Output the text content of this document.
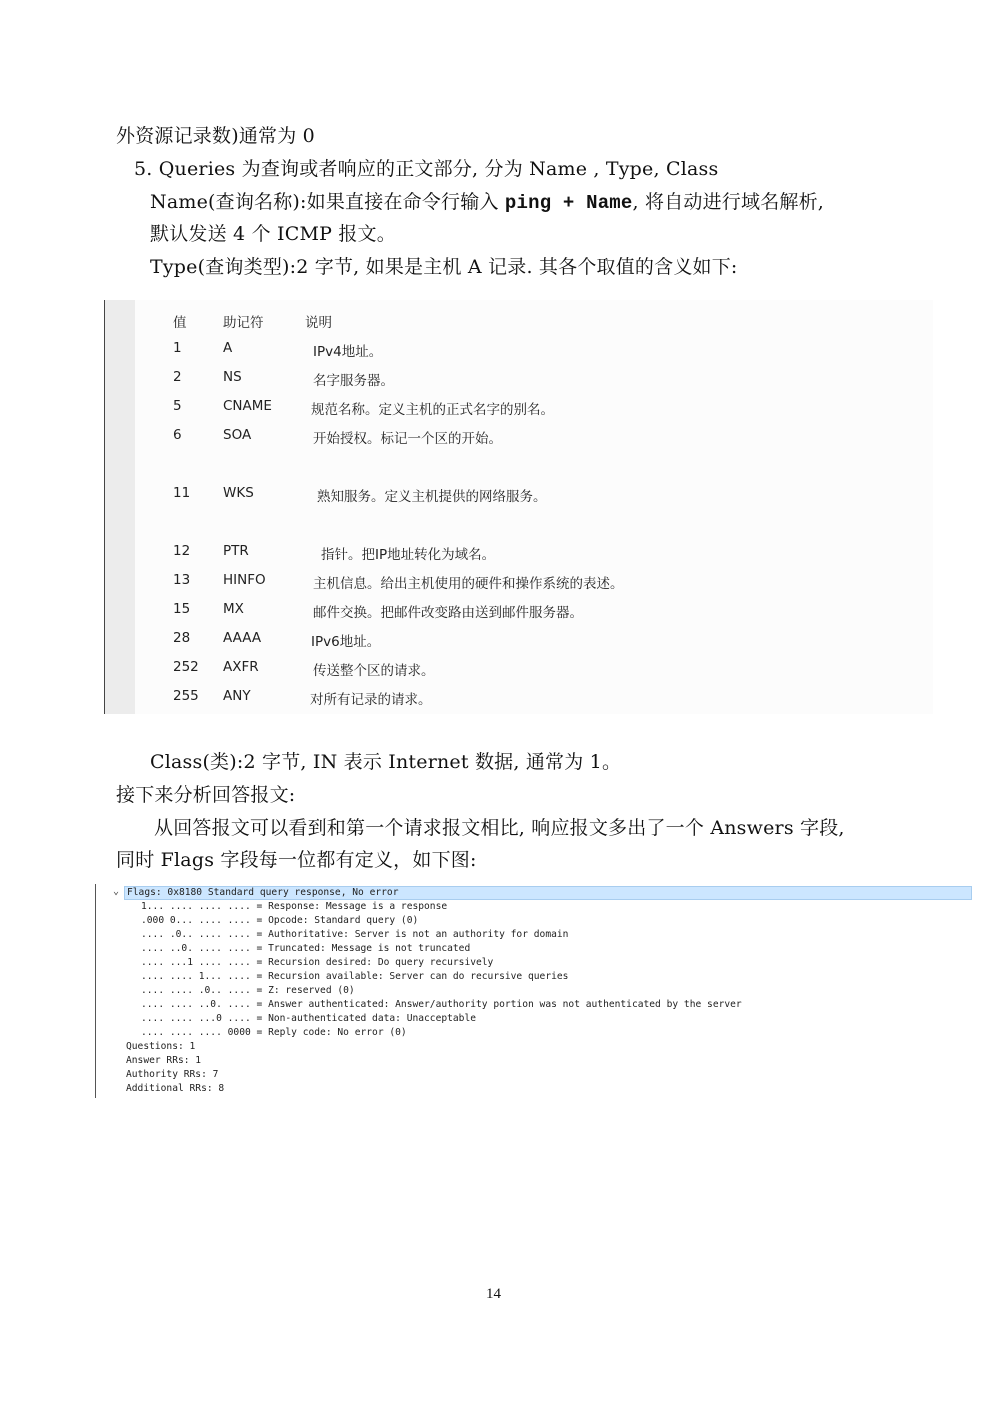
外资源记录数)通常为 0
5. Queries 为查询或者响应的正文部分, 分为 Name , Type, Class
Name(查询名称):如果直接在命令行输入 ping + Name, 将自动进行域名解析,
默认发送 4 个 ICMP 报文。
Type(查询类型):2 字节, 如果是主机 A 记录. 其各个取值的含义如下:
值	助记符	说明
1	A	IPv4地址。
2	NS	名字服务器。
5	CNAME	规范名称。定义主机的正式名字的别名。
6	SOA	开始授权。标记一个区的开始。
11 WKS	熟知服务。定义主机提供的网络服务。
12 PTR	指针。把IP地址转化为域名。
13 HINFO	主机信息。给出主机使用的硬件和操作系统的表述。
15 MX	邮件交换。把邮件改变路由送到邮件服务器。
28 AAAA	IPv6地址。
252 AXFR	传送整个区的请求。
255 ANY	对所有记录的请求。
Class(类):2 字节, IN 表示 Internet 数据, 通常为 1。
接下来分析回答报文:
从回答报文可以看到和第一个请求报文相比, 响应报文多出了一个 Answers 字段,
同时 Flags 字段每一位都有定义，如下图:
⌄ Flags: 0x8180 Standard query response, No error
1... .... .... .... = Response: Message is a response
.000 0... .... .... = Opcode: Standard query (0)
.... .0.. .... .... = Authoritative: Server is not an authority for domain
.... ..0. .... .... = Truncated: Message is not truncated
.... ...1 .... .... = Recursion desired: Do query recursively
.... .... 1... .... = Recursion available: Server can do recursive queries
.... .... .0.. .... = Z: reserved (0)
.... .... ..0. .... = Answer authenticated: Answer/authority portion was not authenticated by the server
.... .... ...0 .... = Non-authenticated data: Unacceptable
.... .... .... 0000 = Reply code: No error (0)
Questions: 1
Answer RRs: 1
Authority RRs: 7
Additional RRs: 8
14
